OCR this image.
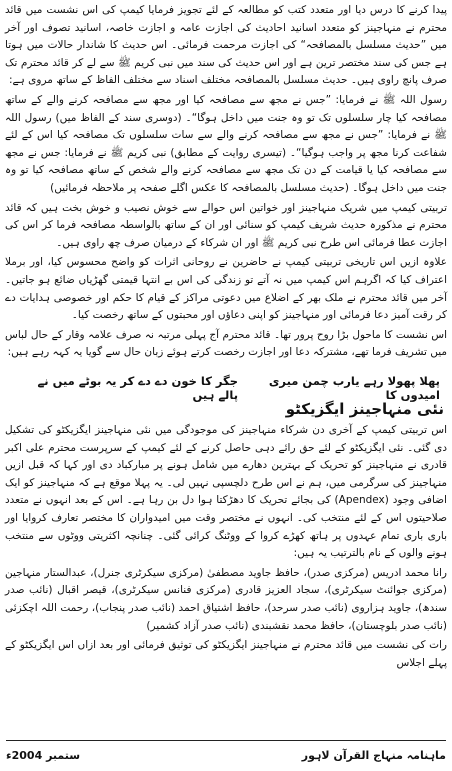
پیدا کرنے کا درس دیا اور متعدد کتب کو مطالعہ کے لئے تجویز فرمایا کیمپ کی اس نشست میں قائد محترم نے منہاجینز کو متعدد اسانید احادیث کی اجازت عامہ و اجازت خاصہ، اسانید تصوف اور آخر میں ”حدیث مسلسل بالمصافحہ“ کی اجازت مرحمت فرمائی۔ اس حدیث کا شاندار حالات میں ہوتا ہے جس کی سند مختصر ترین ہے اور اس حدیث کی سند میں نبی کریم ﷺ سے لے کر قائد محترم تک صرف پانچ راوی ہیں۔ حدیث مسلسل بالمصافحہ مختلف اسناد سے مختلف الفاظ کے ساتھ مروی ہے:

رسول اللہ ﷺ نے فرمایا: ”جس نے مجھ سے مصافحہ کیا اور مجھ سے مصافحہ کرنے والے کے ساتھ مصافحہ کیا چار سلسلوں تک تو وہ جنت میں داخل ہوگا“۔ (دوسری سند کے الفاظ میں) رسول اللہ ﷺ نے فرمایا: ”جس نے مجھ سے مصافحہ کرنے والے سے سات سلسلوں تک مصافحہ کیا اس کے لئے شفاعت کرنا مجھ پر واجب ہوگیا“۔ (تیسری روایت کے مطابق) نبی کریم ﷺ نے فرمایا: جس نے مجھ سے مصافحہ کیا یا قیامت کے دن تک مجھ سے مصافحہ کرنے والے شخص کے ساتھ مصافحہ کیا تو وہ جنت میں داخل ہوگا۔ (حدیث مسلسل بالمصافحہ کا عکس اگلے صفحہ پر ملاحظہ فرمائیں)

تربیتی کیمپ میں شریک منہاجینز اور خواتین اس حوالے سے خوش نصیب و خوش بخت ہیں کہ قائد محترم نے مذکورہ حدیث شریف کیمپ کو سنائی اور ان کے ساتھ بالواسطہ مصافحہ فرما کر اس کی اجازت عطا فرمائی اس طرح نبی کریم ﷺ اور ان شرکاء کے درمیان صرف چھ راوی ہیں۔

علاوہ ازیں اس تاریخی تربیتی کیمپ نے حاضرین نے روحانی اثرات کو واضح محسوس کیا، اور برملا اعتراف کیا کہ اگرہم اس کیمپ میں نہ آتے تو زندگی کی اس بے انتہا قیمتی گھڑیاں ضائع ہو جاتیں۔ آخر میں قائد محترم نے ملک بھر کے اضلاع میں دعوتی مراکز کے قیام کا حکم اور خصوصی ہدایات دے کر رقت آمیز دعا فرمائی اور منہاجینز کو اپنی دعاؤں اور محبتوں کے ساتھ رخصت کیا۔

اس نشست کا ماحول بڑا روح پرور تھا۔ قائد محترم آج پہلی مرتبہ نہ صرف علامہ وقار کے حال لباس میں تشریف فرما تھے، مشترکہ دعا اور اجازت رخصت کرتے ہوئے زبان حال سے گویا یہ کہہ رہے ہیں:

پھلا پھولا رہے یارب چمن میری امیدوں کا
جگر کا خون دے دے کر یہ بوٹے میں نے پالے ہیں
نئی منہاجینز ایگزیکٹو

اس تربیتی کیمپ کے آخری دن شرکاء منہاجینز کی موجودگی میں نئی منہاجینز ایگزیکٹو کی تشکیل دی گئی۔ نئی ایگزیکٹو کے لئے حق رائے دہی حاصل کرنے کے لئے کیمپ کے سرپرست محترم علی اکبر قادری نے منہاجینز کو تحریک کے بہترین دھارے میں شامل ہونے پر مبارکباد دی اور کہا کہ قبل ازیں منہاجینز کی سرگرمی میں، ہم نے اس طرح دلچسپی نہیں لی۔ یہ پہلا موقع ہے کہ منہاجینز کو ایک اضافی وجود (Apendex) کی بجائے تحریک کا دھڑکتا ہوا دل بن رہا ہے۔ اس کے بعد انہوں نے متعدد صلاحیتوں اس کے لئے منتخب کی۔ انہوں نے مختصر وقت میں امیدواران کا مختصر تعارف کروایا اور باری باری تمام عہدوں پر ہاتھ کھڑے کروا کے ووٹنگ کرائی گئی۔ چنانچہ اکثریتی ووٹوں سے منتخب ہونے والوں کے نام بالترتیب یہ ہیں:

رانا محمد ادریس (مرکزی صدر)، حافظ جاوید مصطفیٰ (مرکزی سیکرٹری جنرل)، عبدالستار منہاجین (مرکزی جوائنٹ سیکرٹری)، سجاد العزیز قادری (مرکزی فنانس سیکرٹری)، قیصر اقبال (نائب صدر سندھ)، جاوید ہزاروی (نائب صدر سرحد)، حافظ اشتیاق احمد (نائب صدر پنجاب)، رحمت اللہ اچکزئی (نائب صدر بلوچستان)، حافظ محمد نقشبندی (نائب صدر آزاد کشمیر)

رات کی نشست میں قائد محترم نے منہاجینز ایگزیکٹو کی توثیق فرمائی اور بعد ازاں اس ایگزیکٹو کے پہلے اجلاس

ماہنامہ منہاج القرآن لاہور
ستمبر 2004ء
